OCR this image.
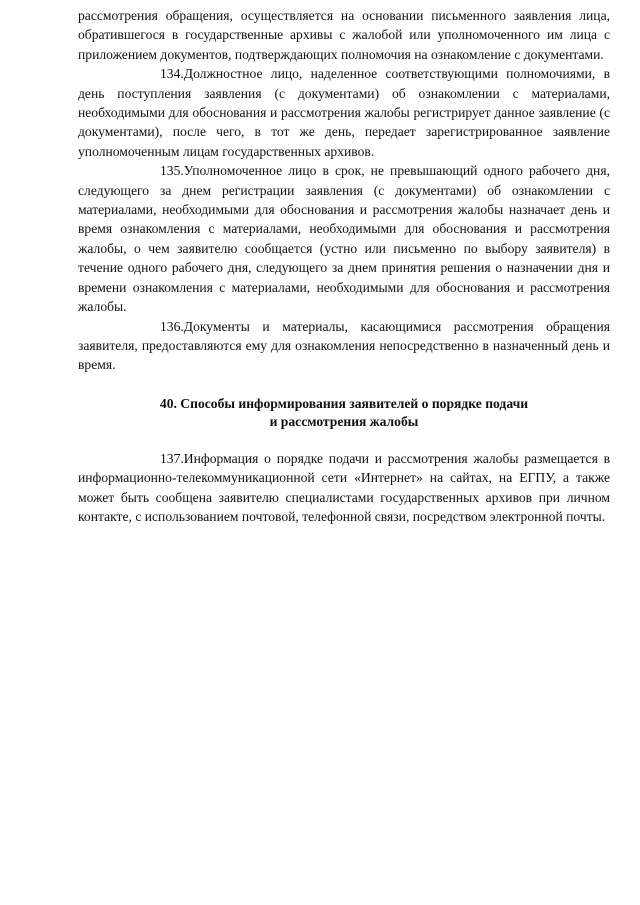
рассмотрения обращения, осуществляется на основании письменного заявления лица, обратившегося в государственные архивы с жалобой или уполномоченного им лица с приложением документов, подтверждающих полномочия на ознакомление с документами.

134.Должностное лицо, наделенное соответствующими полномочиями, в день поступления заявления (с документами) об ознакомлении с материалами, необходимыми для обоснования и рассмотрения жалобы регистрирует данное заявление (с документами), после чего, в тот же день, передает зарегистрированное заявление уполномоченным лицам государственных архивов.

135.Уполномоченное лицо в срок, не превышающий одного рабочего дня, следующего за днем регистрации заявления (с документами) об ознакомлении с материалами, необходимыми для обоснования и рассмотрения жалобы назначает день и время ознакомления с материалами, необходимыми для обоснования и рассмотрения жалобы, о чем заявителю сообщается (устно или письменно по выбору заявителя) в течение одного рабочего дня, следующего за днем принятия решения о назначении дня и времени ознакомления с материалами, необходимыми для обоснования и рассмотрения жалобы.

136.Документы и материалы, касающимися рассмотрения обращения заявителя, предоставляются ему для ознакомления непосредственно в назначенный день и время.

40. Способы информирования заявителей о порядке подачи
и рассмотрения жалобы

137.Информация о порядке подачи и рассмотрения жалобы размещается в информационно-телекоммуникационной сети «Интернет» на сайтах, на ЕГПУ, а также может быть сообщена заявителю специалистами государственных архивов при личном контакте, с использованием почтовой, телефонной связи, посредством электронной почты.
